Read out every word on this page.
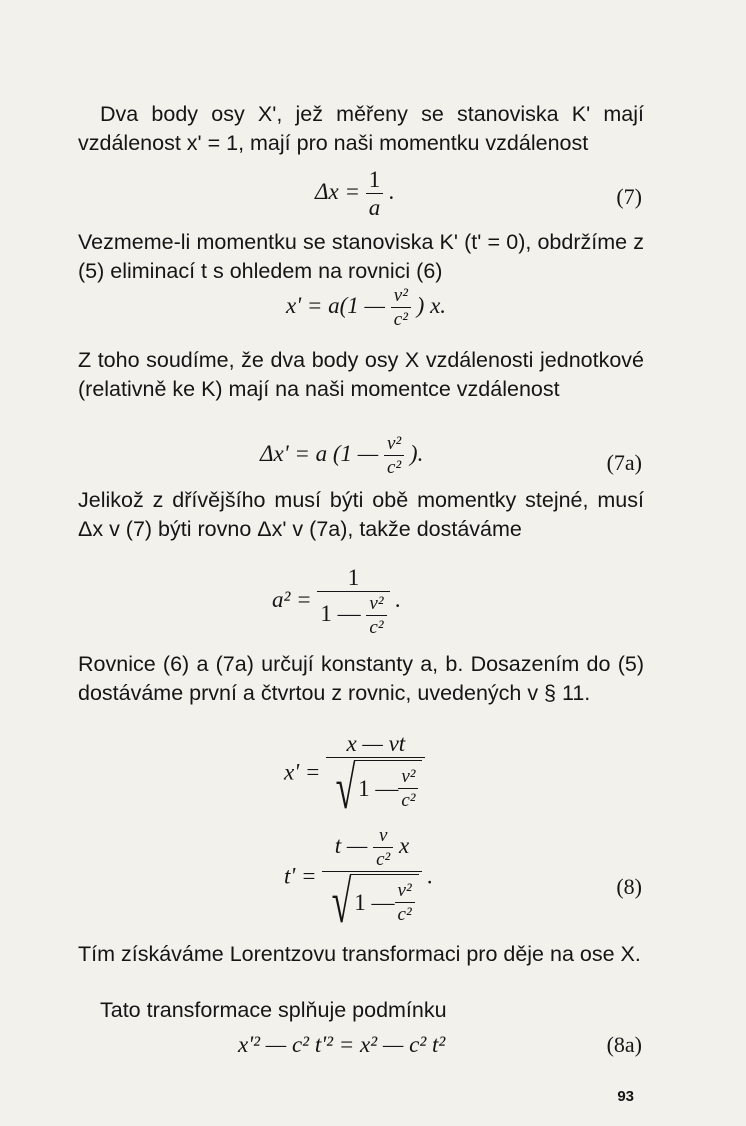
Dva body osy X', jež měřeny se stanoviska K' mají vzdálenost x' = 1, mají pro naši momentku vzdálenost

$\Delta x = \frac{1}{a}$ .	(7)

Vezmeme-li momentku se stanoviska K' (t' = 0), obdržíme z (5) eliminací t s ohledem na rovnici (6)

x' = a(1 — $\frac{\text{v²}}{\text{c²}}$ ) x.

Z toho soudíme, že dva body osy X vzdálenosti jednotkové (relativně ke K) mají na naši momentce vzdálenost

Δx' = a (1 — $\frac{\text{v²}}{\text{c²}}$ ).	(7a)

Jelikož z dřívějšího musí býti obě momentky stejné, musí Δx v (7) býti rovno Δx' v (7a), takže dostáváme

$a^2 = \frac{1}{1 — \frac{\text{v²}}{\text{c²}}}$ .

Rovnice (6) a (7a) určují konstanty a, b. Dosazením do (5) dostáváme první a čtvrtou z rovnic, uvedených v § 11.

x' =
x — vt
√ 1 — $\frac{\text{v²}}{\text{c²}}$
t' =
t — $\frac{v}{\text{c²}}$ x
√ 1 — $\frac{\text{v²}}{\text{c²}}$
.	(8)

Tím získáváme Lorentzovu transformaci pro děje na ose X.

Tato transformace splňuje podmínku

x'² — c² t'² = x² — c² t²	(8a)
93
